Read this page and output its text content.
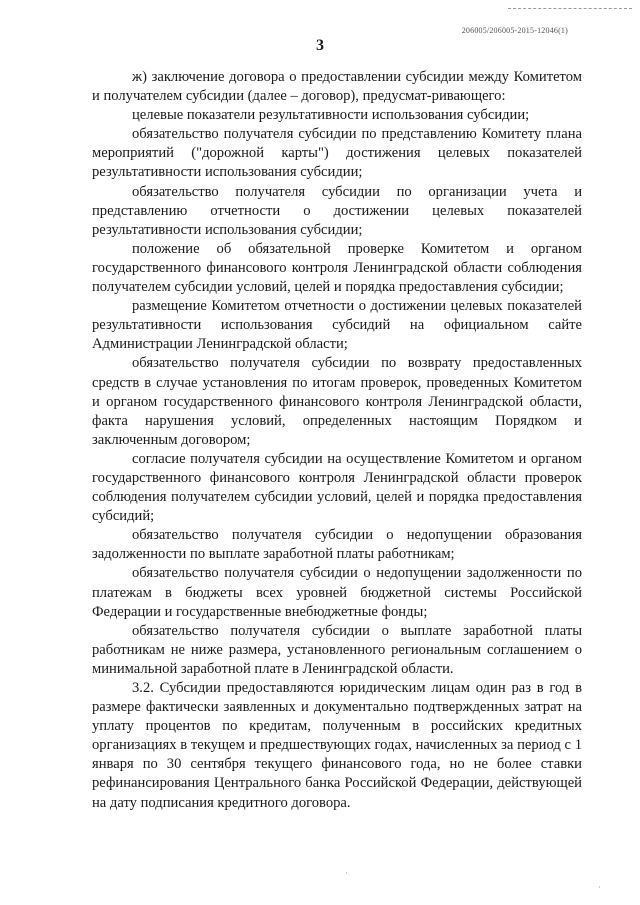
206005/206005-2015-12046(1)
3

ж) заключение договора о предоставлении субсидии между Комитетом и получателем субсидии (далее – договор), предусмат-ривающего:

целевые показатели результативности использования субсидии;

обязательство получателя субсидии по представлению Комитету плана мероприятий ("дорожной карты") достижения целевых показателей результативности использования субсидии;

обязательство получателя субсидии по организации учета и представлению отчетности о достижении целевых показателей результативности использования субсидии;

положение об обязательной проверке Комитетом и органом государственного финансового контроля Ленинградской области соблюдения получателем субсидии условий, целей и порядка предоставления субсидии;

размещение Комитетом отчетности о достижении целевых показателей результативности использования субсидий на официальном сайте Администрации Ленинградской области;

обязательство получателя субсидии по возврату предоставленных средств в случае установления по итогам проверок, проведенных Комитетом и органом государственного финансового контроля Ленинградской области, факта нарушения условий, определенных настоящим Порядком и заключенным договором;

согласие получателя субсидии на осуществление Комитетом и органом государственного финансового контроля Ленинградской области проверок соблюдения получателем субсидии условий, целей и порядка предоставления субсидий;

обязательство получателя субсидии о недопущении образования задолженности по выплате заработной платы работникам;

обязательство получателя субсидии о недопущении задолженности по платежам в бюджеты всех уровней бюджетной системы Российской Федерации и государственные внебюджетные фонды;

обязательство получателя субсидии о выплате заработной платы работникам не ниже размера, установленного региональным соглашением о минимальной заработной плате в Ленинградской области.

3.2. Субсидии предоставляются юридическим лицам один раз в год в размере фактически заявленных и документально подтвержденных затрат на уплату процентов по кредитам, полученным в российских кредитных организациях в текущем и предшествующих годах, начисленных за период с 1 января по 30 сентября текущего финансового года, но не более ставки рефинансирования Центрального банка Российской Федерации, действующей на дату подписания кредитного договора.

·
·
